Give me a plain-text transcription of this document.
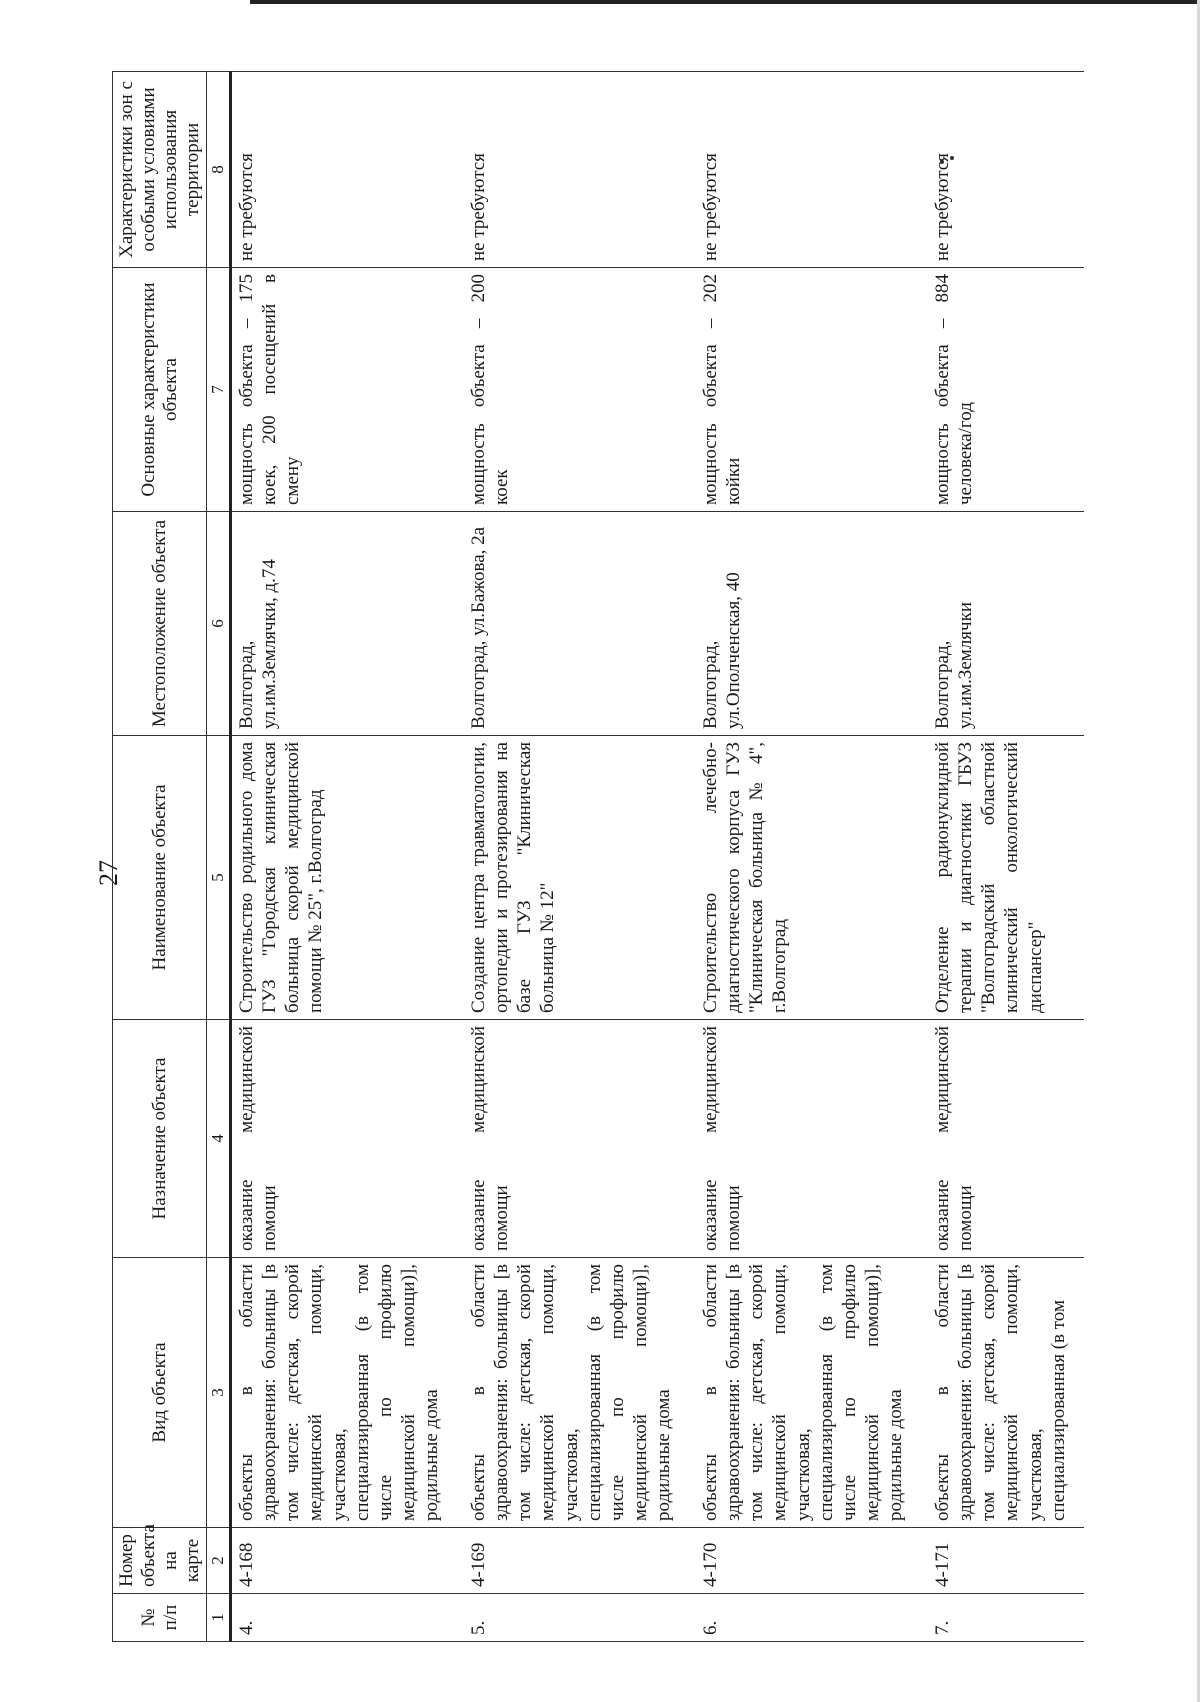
27
№ п/п	Номер объекта на карте	Вид объекта	Назначение объекта	Наименование объекта	Местоположение объекта	Основные характеристики объекта	Характеристики зон с особыми условиями использования территории
1	2	3	4	5	6	7	8
4.	4-168	объекты в области здравоохранения: больницы [в том числе: детская, скорой медицинской помощи, участковая, специализированная (в том числе по профилю медицинской помощи)], родильные дома	оказание медицинской помощи	Строительство родильного дома ГУЗ "Городская клиническая больница скорой медицинской помощи № 25", г.Волгоград	Волгоград, ул.им.Землячки, д.74	мощность объекта – 175 коек, 200 посещений в смену	не требуются
5.	4-169	объекты в области здравоохранения: больницы [в том числе: детская, скорой медицинской помощи, участковая, специализированная (в том числе по профилю медицинской помощи)], родильные дома	оказание медицинской помощи	Создание центра травматологии, ортопедии и протезирования на базе ГУЗ "Клиническая больница № 12"	Волгоград, ул.Бажова, 2а	мощность объекта – 200 коек	не требуются
6.	4-170	объекты в области здравоохранения: больницы [в том числе: детская, скорой медицинской помощи, участковая, специализированная (в том числе по профилю медицинской помощи)], родильные дома	оказание медицинской помощи	Строительство лечебно-диагностического корпуса ГУЗ "Клиническая больница № 4", г.Волгоград	Волгоград, ул.Ополченская, 40	мощность объекта – 202 койки	не требуются
7.	4-171	объекты в области здравоохранения: больницы [в том числе: детская, скорой медицинской помощи, участковая, специализированная (в том	оказание медицинской помощи	Отделение радионуклидной терапии и диагностики ГБУЗ "Волгоградский областной клинический онкологический диспансер"	Волгоград, ул.им.Землячки	мощность объекта – 884 человека/год	не требуются
